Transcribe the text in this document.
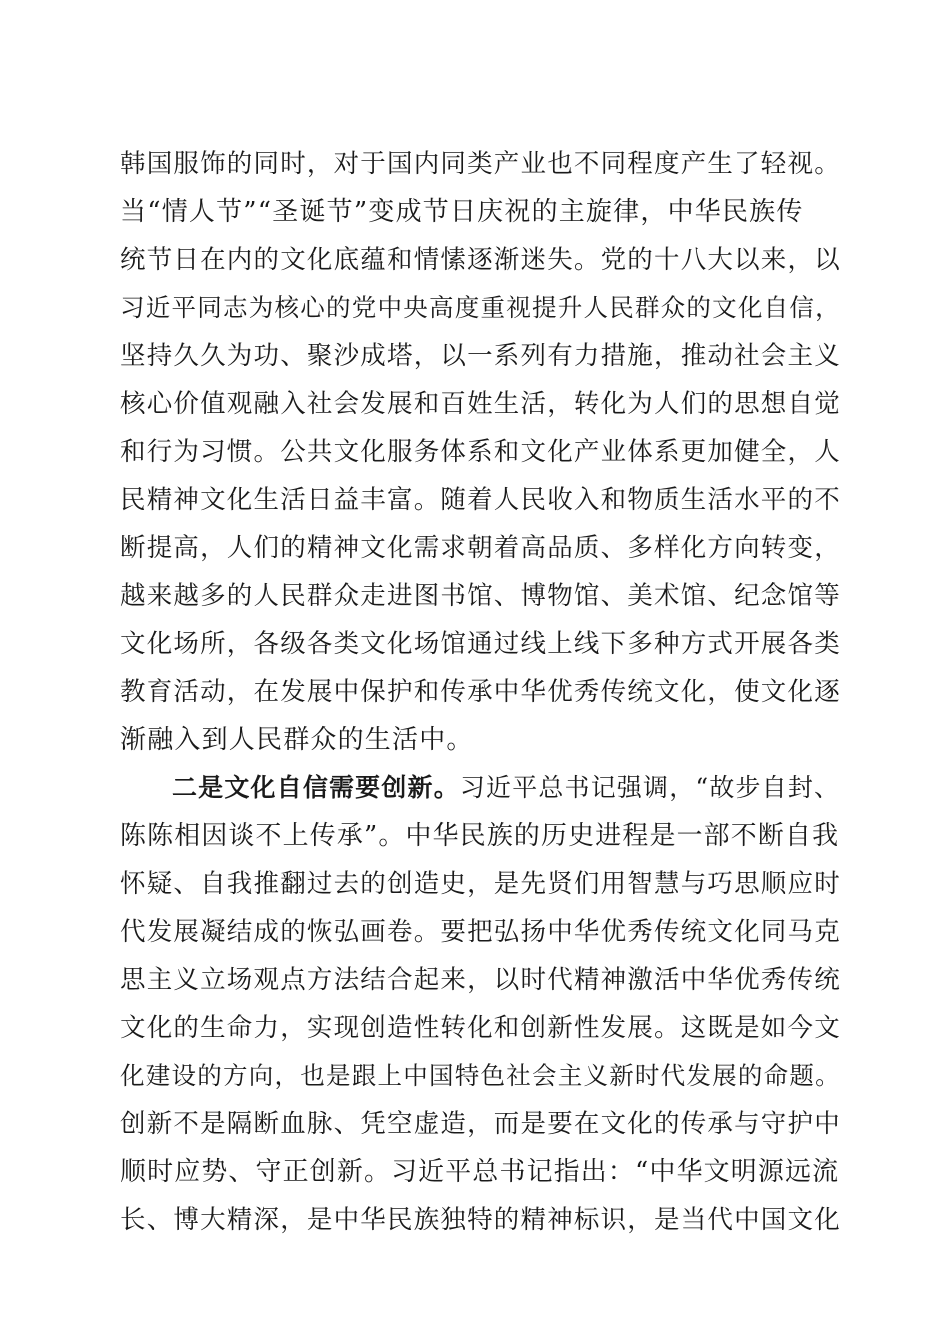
韩国服饰的同时，对于国内同类产业也不同程度产生了轻视。
当“情人节”“圣诞节”变成节日庆祝的主旋律，中华民族传
统节日在内的文化底蕴和情愫逐渐迷失。党的十八大以来，以
习近平同志为核心的党中央高度重视提升人民群众的文化自信，
坚持久久为功、聚沙成塔，以一系列有力措施，推动社会主义
核心价值观融入社会发展和百姓生活，转化为人们的思想自觉
和行为习惯。公共文化服务体系和文化产业体系更加健全，人
民精神文化生活日益丰富。随着人民收入和物质生活水平的不
断提高，人们的精神文化需求朝着高品质、多样化方向转变，
越来越多的人民群众走进图书馆、博物馆、美术馆、纪念馆等
文化场所，各级各类文化场馆通过线上线下多种方式开展各类
教育活动，在发展中保护和传承中华优秀传统文化，使文化逐
渐融入到人民群众的生活中。
二是文化自信需要创新。习近平总书记强调，“故步自封、
陈陈相因谈不上传承”。中华民族的历史进程是一部不断自我
怀疑、自我推翻过去的创造史，是先贤们用智慧与巧思顺应时
代发展凝结成的恢弘画卷。要把弘扬中华优秀传统文化同马克
思主义立场观点方法结合起来，以时代精神激活中华优秀传统
文化的生命力，实现创造性转化和创新性发展。这既是如今文
化建设的方向，也是跟上中国特色社会主义新时代发展的命题。
创新不是隔断血脉、凭空虚造，而是要在文化的传承与守护中
顺时应势、守正创新。习近平总书记指出：“中华文明源远流
长、博大精深，是中华民族独特的精神标识，是当代中国文化
